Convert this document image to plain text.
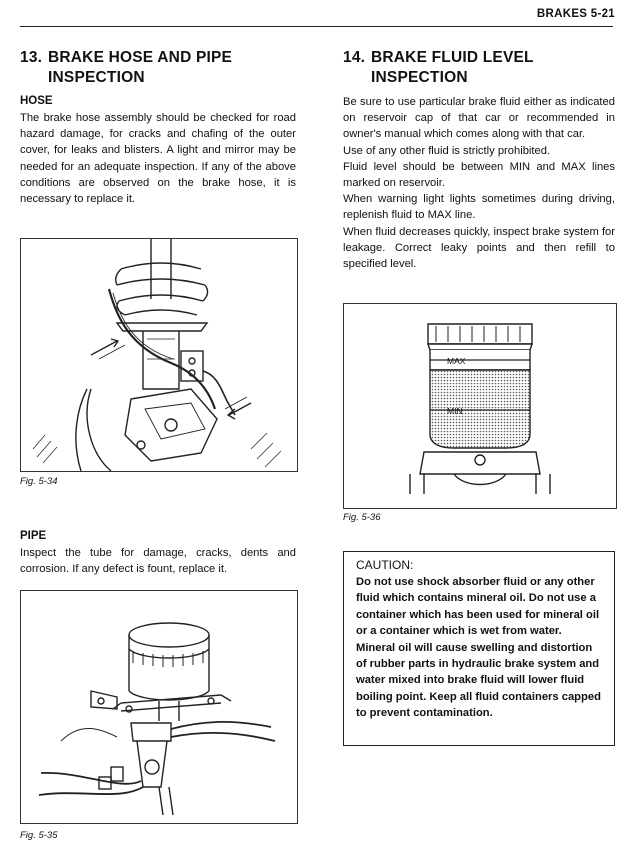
BRAKES 5-21
13. BRAKE HOSE AND PIPE
INSPECTION
HOSE

The brake hose assembly should be checked for road hazard damage, for cracks and chafing of the outer cover, for leaks and blisters. A light and mirror may be needed for an adequate inspection. If any of the above conditions are observed on the brake hose, it is necessary to replace it.

Fig. 5-34
PIPE

Inspect the tube for damage, cracks, dents and corrosion. If any defect is fount, replace it.

Fig. 5-35
14. BRAKE FLUID LEVEL
INSPECTION

Be sure to use particular brake fluid either as indicated on reservoir cap of that car or recommended in owner's manual which comes along with that car.

Use of any other fluid is strictly prohibited.

Fluid level should be between MIN and MAX lines marked on reservoir.

When warning light lights sometimes during driving, replenish fluid to MAX line.

When fluid decreases quickly, inspect brake system for leakage. Correct leaky points and then refill to specified level.

MAX
MIN
Fig. 5-36
CAUTION:
Do not use shock absorber fluid or any other fluid which contains mineral oil. Do not use a container which has been used for mineral oil or a container which is wet from water. Mineral oil will cause swelling and distortion of rubber parts in hydraulic brake system and water mixed into brake fluid will lower fluid boiling point. Keep all fluid containers capped to prevent contamination.
